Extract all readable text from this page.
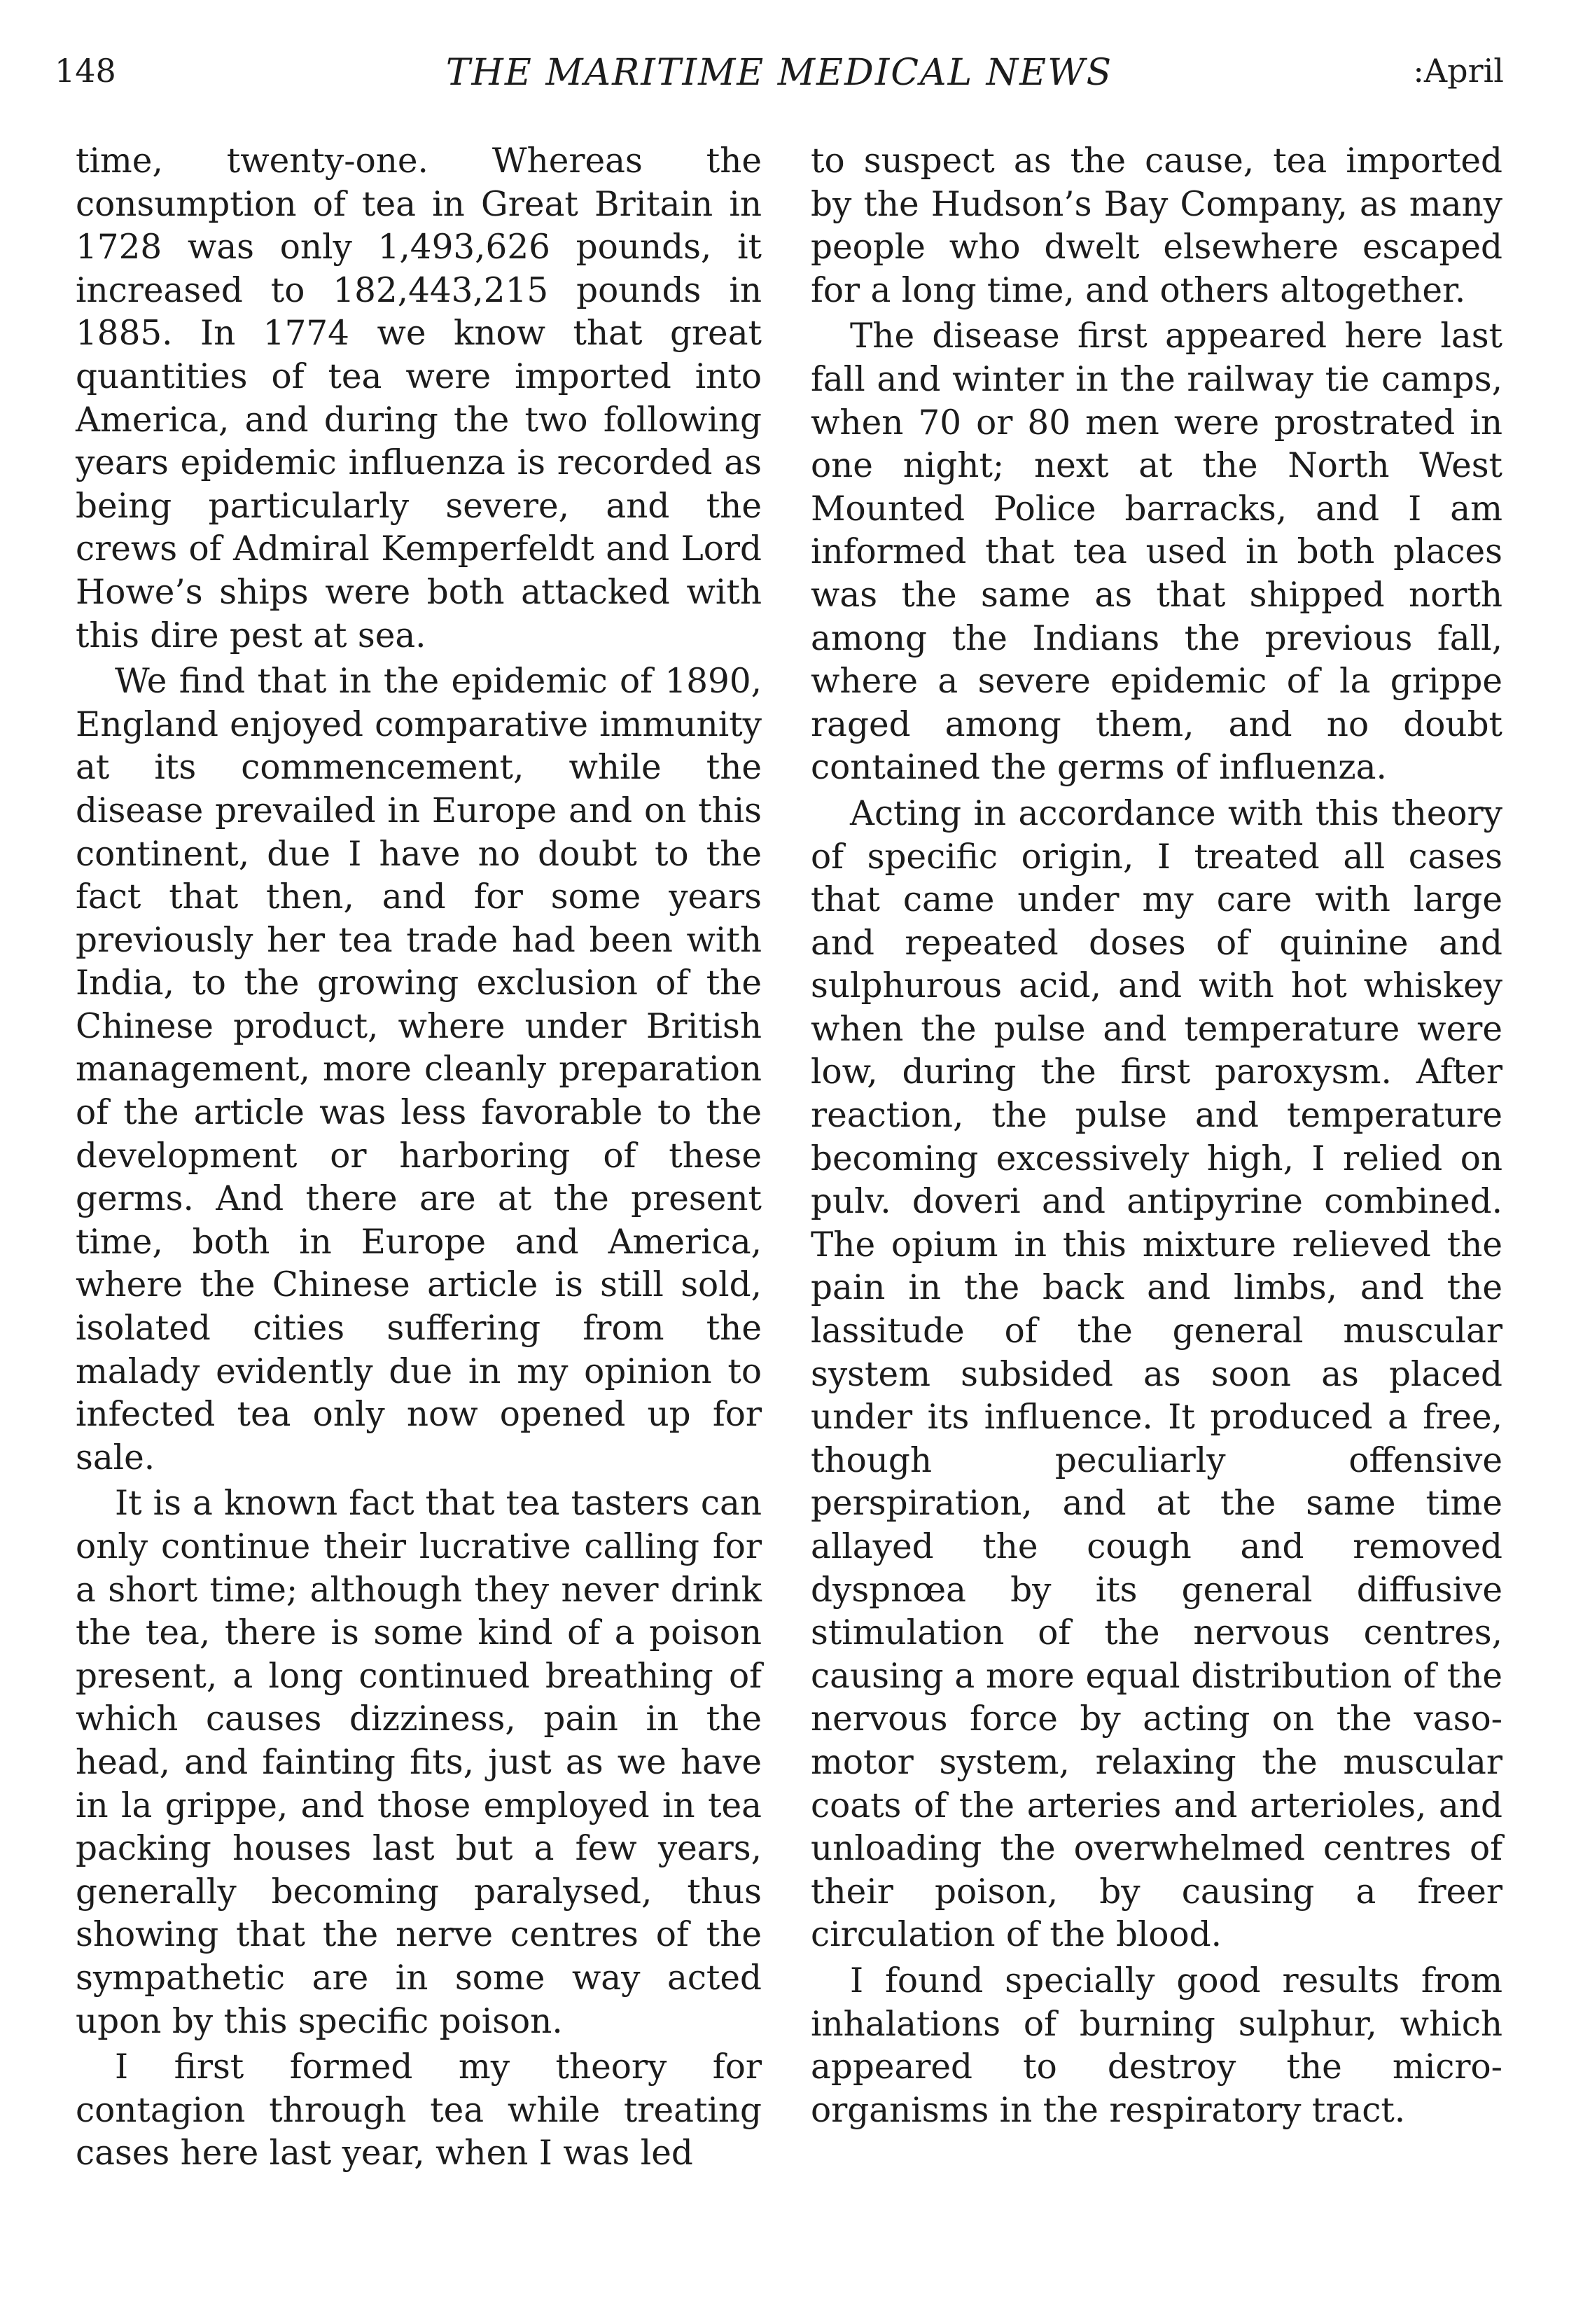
148	THE MARITIME MEDICAL NEWS	:April

time, twenty-one. Whereas the consumption of tea in Great Britain in 1728 was only 1,493,626 pounds, it increased to 182,443,215 pounds in 1885. In 1774 we know that great quantities of tea were imported into America, and during the two following years epidemic influenza is recorded as being particularly severe, and the crews of Admiral Kemperfeldt and Lord Howe’s ships were both attacked with this dire pest at sea.

We find that in the epidemic of 1890, England enjoyed comparative immunity at its commencement, while the disease prevailed in Europe and on this continent, due I have no doubt to the fact that then, and for some years previously her tea trade had been with India, to the growing exclusion of the Chinese product, where under British management, more cleanly preparation of the article was less favorable to the development or harboring of these germs. And there are at the present time, both in Europe and America, where the Chinese article is still sold, isolated cities suffering from the malady evidently due in my opinion to infected tea only now opened up for sale.

It is a known fact that tea tasters can only continue their lucrative calling for a short time; although they never drink the tea, there is some kind of a poison present, a long continued breathing of which causes dizziness, pain in the head, and fainting fits, just as we have in la grippe, and those employed in tea packing houses last but a few years, generally becoming paralysed, thus showing that the nerve centres of the sympathetic are in some way acted upon by this specific poison.

I first formed my theory for contagion through tea while treating cases here last year, when I was led

to suspect as the cause, tea imported by the Hudson’s Bay Company, as many people who dwelt elsewhere escaped for a long time, and others altogether.

The disease first appeared here last fall and winter in the railway tie camps, when 70 or 80 men were prostrated in one night; next at the North West Mounted Police barracks, and I am informed that tea used in both places was the same as that shipped north among the Indians the previous fall, where a severe epidemic of la grippe raged among them, and no doubt contained the germs of influenza.

Acting in accordance with this theory of specific origin, I treated all cases that came under my care with large and repeated doses of quinine and sulphurous acid, and with hot whiskey when the pulse and temperature were low, during the first paroxysm. After reaction, the pulse and temperature becoming excessively high, I relied on pulv. doveri and antipyrine combined. The opium in this mixture relieved the pain in the back and limbs, and the lassitude of the general muscular system subsided as soon as placed under its influence. It produced a free, though peculiarly offensive perspiration, and at the same time allayed the cough and removed dyspnœa by its general diffusive stimulation of the nervous centres, causing a more equal distribution of the nervous force by acting on the vaso-motor system, relaxing the muscular coats of the arteries and arterioles, and unloading the overwhelmed centres of their poison, by causing a freer circulation of the blood.

I found specially good results from inhalations of burning sulphur, which appeared to destroy the micro-organisms in the respiratory tract.
